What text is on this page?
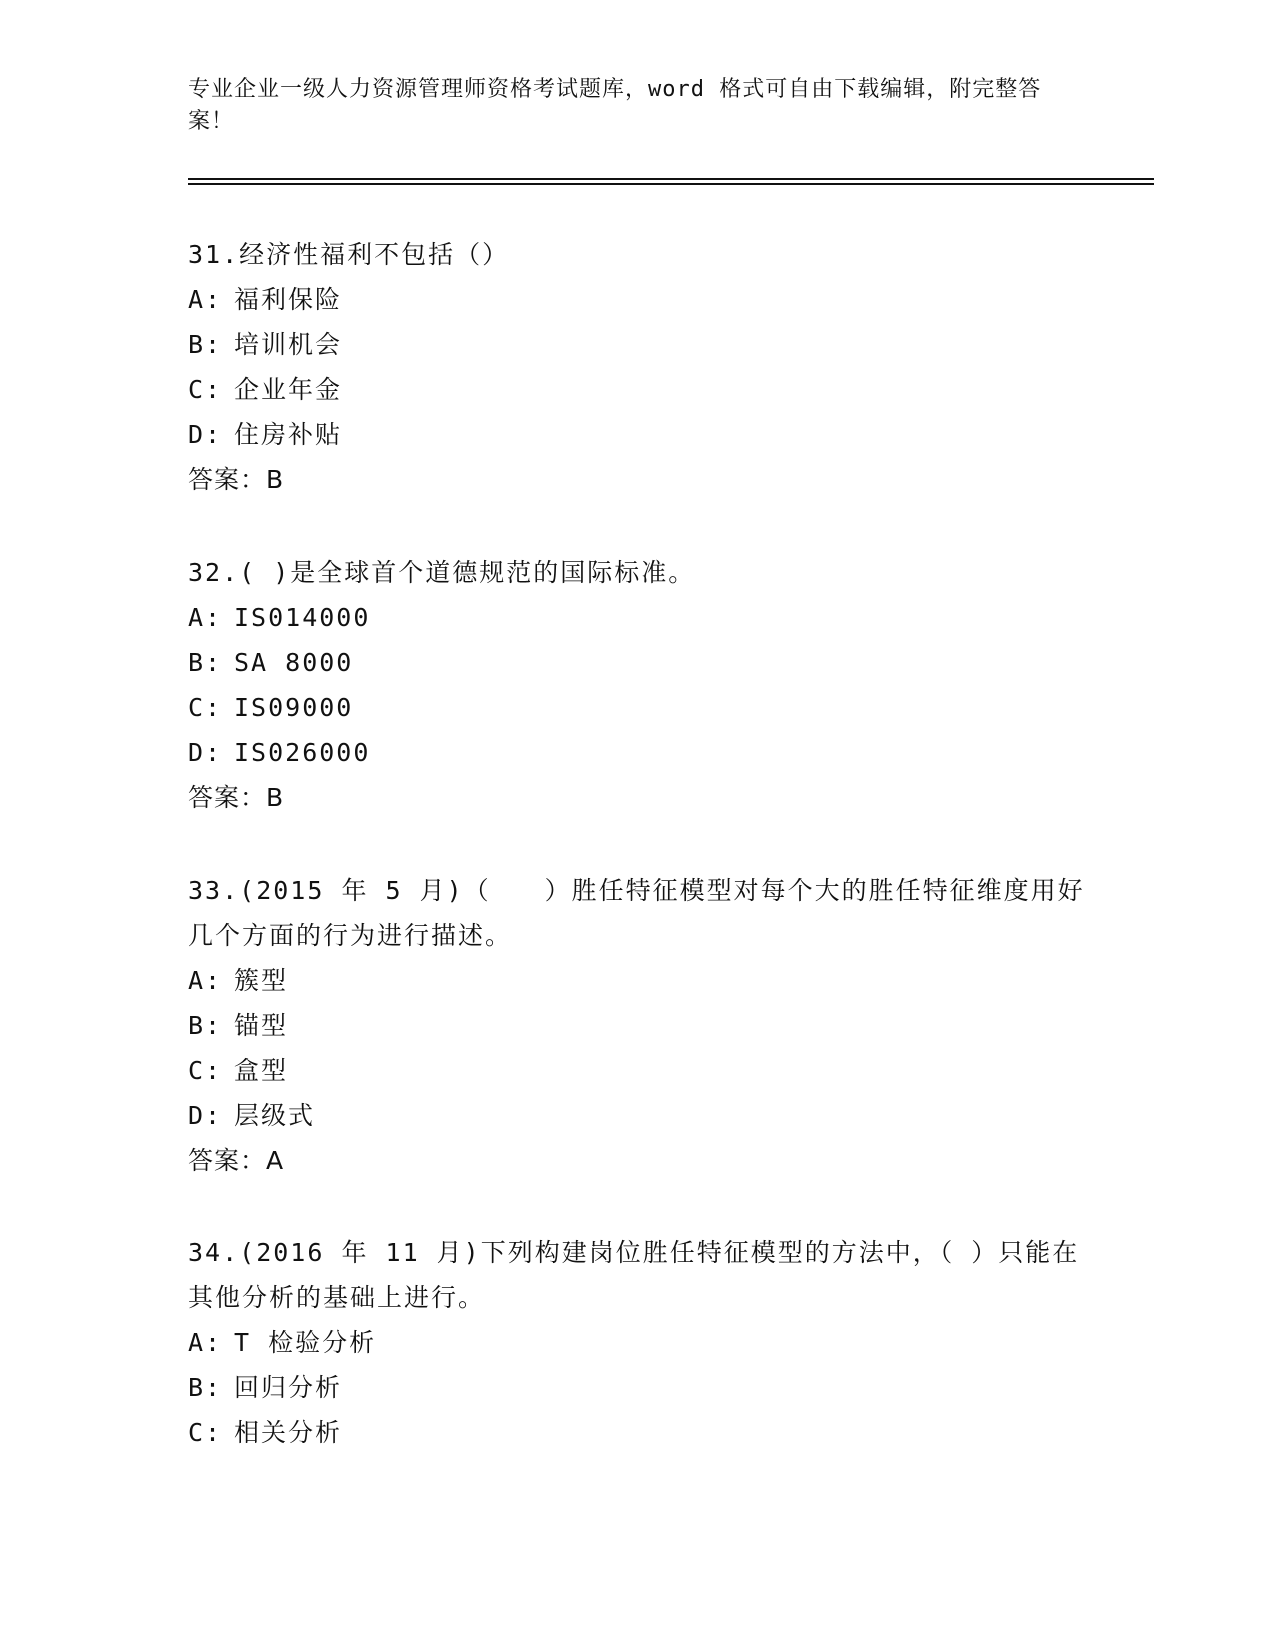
专业企业一级人力资源管理师资格考试题库，word 格式可自由下载编辑，附完整答案！

31.经济性福利不包括（）

A: 福利保险

B: 培训机会

C: 企业年金

D: 住房补贴

答案：B

32.( )是全球首个道德规范的国际标准。

A: IS014000

B: SA 8000

C: IS09000

D: IS026000

答案：B

33.(2015 年 5 月)（　　）胜任特征模型对每个大的胜任特征维度用好几个方面的行为进行描述。

A: 簇型

B: 锚型

C: 盒型

D: 层级式

答案：A

34.(2016 年 11 月)下列构建岗位胜任特征模型的方法中，（ ）只能在其他分析的基础上进行。

A: T 检验分析

B: 回归分析

C: 相关分析
